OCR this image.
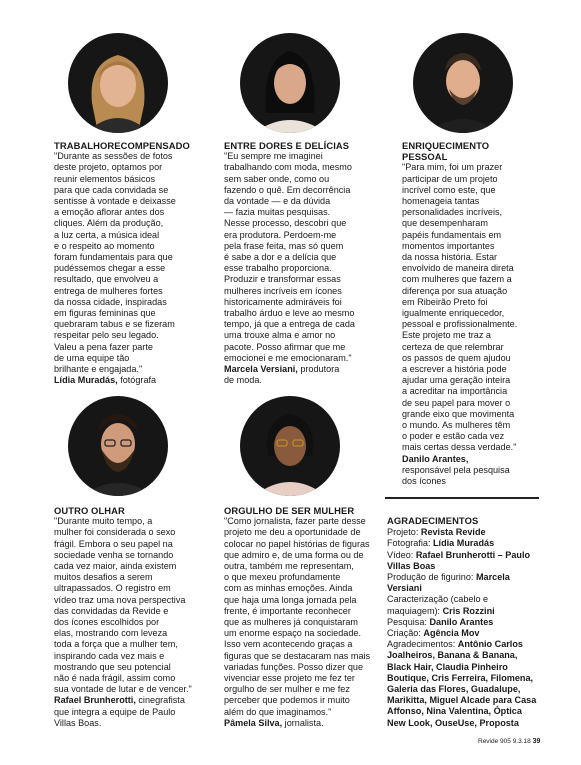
TRABALHORECOMPENSADO
"Durante as sessões de fotos
deste projeto, optamos por
reunir elementos básicos
para que cada convidada se
sentisse à vontade e deixasse
a emoção aflorar antes dos
cliques. Além da produção,
a luz certa, a música ideal
e o respeito ao momento
foram fundamentais para que
pudéssemos chegar a esse
resultado, que envolveu a
entrega de mulheres fortes
da nossa cidade, inspiradas
em figuras femininas que
quebraram tabus e se fizeram
respeitar pelo seu legado.
Valeu a pena fazer parte
de uma equipe tão
brilhante e engajada."
Lídia Muradás, fotógrafa
ENTRE DORES E DELÍCIAS
"Eu sempre me imaginei
trabalhando com moda, mesmo
sem saber onde, como ou
fazendo o quê. Em decorrência
da vontade — e da dúvida
— fazia muitas pesquisas.
Nesse processo, descobri que
era produtora. Perdoem-me
pela frase feita, mas só quem
é sabe a dor e a delícia que
esse trabalho proporciona.
Produzir e transformar essas
mulheres incríveis em ícones
historicamente admiráveis foi
trabalho árduo e leve ao mesmo
tempo, já que a entrega de cada
uma trouxe alma e amor no
pacote. Posso afirmar que me
emocionei e me emocionaram."
Marcela Versiani, produtora
de moda.
ENRIQUECIMENTO
PESSOAL
"Para mim, foi um prazer
participar de um projeto
incrível como este, que
homenageia tantas
personalidades incríveis,
que desempenharam
papéis fundamentais em
momentos importantes
da nossa história. Estar
envolvido de maneira direta
com mulheres que fazem a
diferença por sua atuação
em Ribeirão Preto foi
igualmente enriquecedor,
pessoal e profissionalmente.
Este projeto me traz a
certeza de que relembrar
os passos de quem ajudou
a escrever a história pode
ajudar uma geração inteira
a acreditar na importância
de seu papel para mover o
grande eixo que movimenta
o mundo. As mulheres têm
o poder e estão cada vez
mais certas dessa verdade."
Danilo Arantes,
responsável pela pesquisa
dos ícones
OUTRO OLHAR
"Durante muito tempo, a
mulher foi considerada o sexo
frágil. Embora o seu papel na
sociedade venha se tornando
cada vez maior, ainda existem
muitos desafios a serem
ultrapassados. O registro em
vídeo traz uma nova perspectiva
das convidadas da Revide e
dos ícones escolhidos por
elas, mostrando com leveza
toda a força que a mulher tem,
inspirando cada vez mais e
mostrando que seu potencial
não é nada frágil, assim como
sua vontade de lutar e de vencer."
Rafael Brunherotti, cinegrafista
que integra a equipe de Paulo
Villas Boas.
ORGULHO DE SER MULHER
"Como jornalista, fazer parte desse
projeto me deu a oportunidade de
colocar no papel histórias de figuras
que admiro e, de uma forma ou de
outra, também me representam,
o que mexeu profundamente
com as minhas emoções. Ainda
que haja uma longa jornada pela
frente, é importante reconhecer
que as mulheres já conquistaram
um enorme espaço na sociedade.
Isso vem acontecendo graças a
figuras que se destacaram nas mais
variadas funções. Posso dizer que
vivenciar esse projeto me fez ter
orgulho de ser mulher e me fez
perceber que podemos ir muito
além do que imaginamos."
Pâmela Silva, jornalista.
AGRADECIMENTOS
Projeto: Revista Revide
Fotografia: Lídia Muradás
Vídeo: Rafael Brunherotti – Paulo
Villas Boas
Produção de figurino: Marcela
Versiani
Caracterização (cabelo e
maquiagem): Cris Rozzini
Pesquisa: Danilo Arantes
Criação: Agência Mov
Agradecimentos: Antônio Carlos
Joalheiros, Banana & Banana,
Black Hair, Claudia Pinheiro
Boutique, Cris Ferreira, Filomena,
Galeria das Flores, Guadalupe,
Marikitta, Miguel Alcade para Casa
Affonso, Nina Valentina, Óptica
New Look, OuseUse, Proposta
Revide 905 9.3.18 39
